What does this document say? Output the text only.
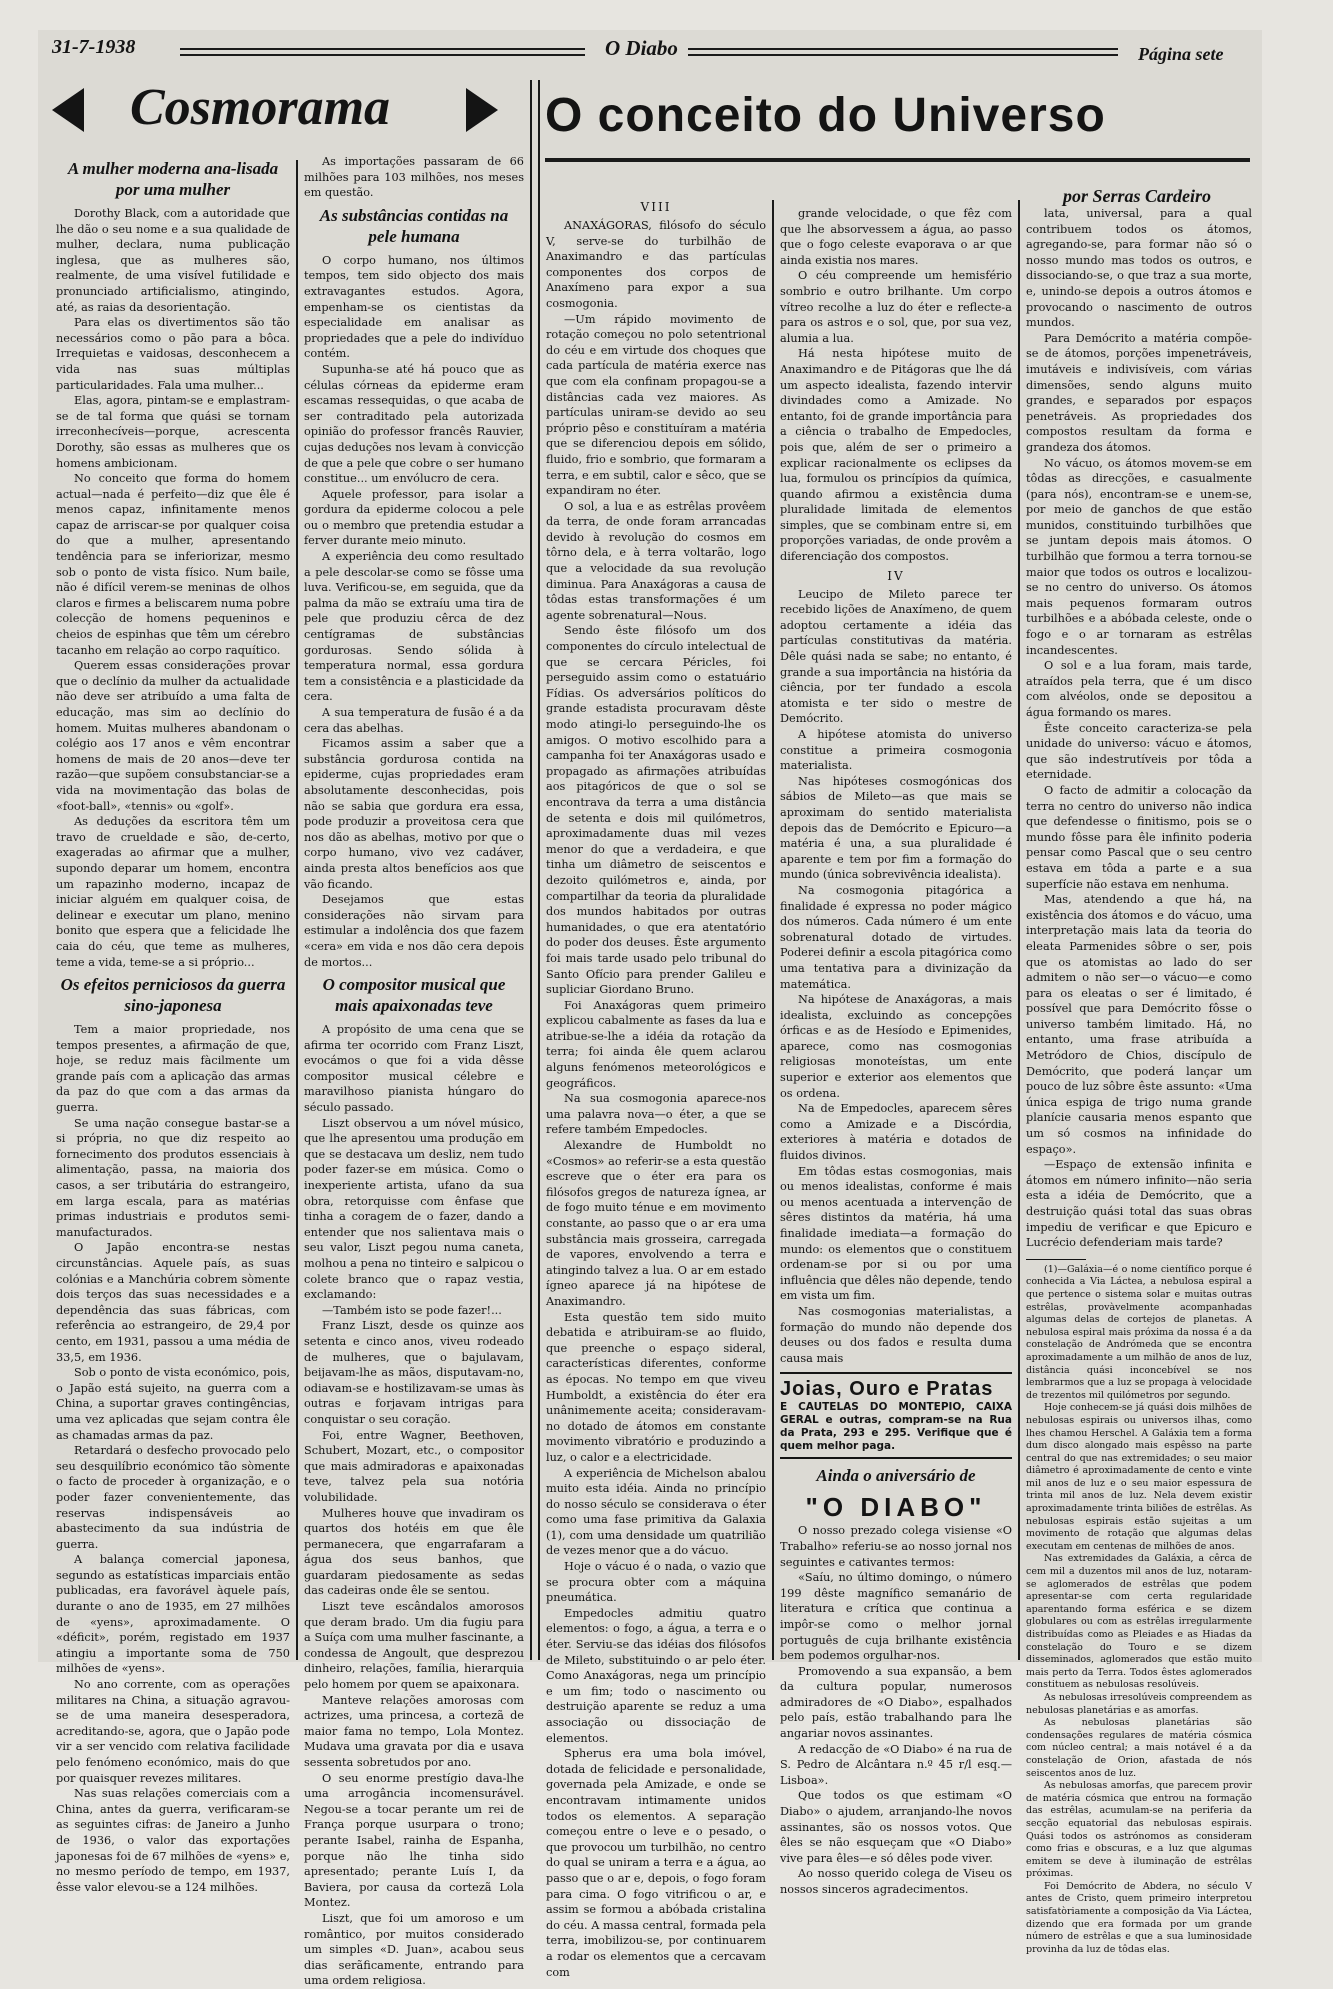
31-7-1938	O Diabo	Página sete
Cosmorama	O conceito do Universo
por Serras Cardeiro
A mulher moderna ana-lisada por uma mulher

Dorothy Black, com a autoridade que lhe dão o seu nome e a sua qualidade de mulher, declara, numa publicação inglesa, que as mulheres são, realmente, de uma visível futilidade e pronunciado artificialismo, atingindo, até, as raias da desorientação.

Para elas os divertimentos são tão necessários como o pão para a bôca. Irrequietas e vaidosas, desconhecem a vida nas suas múltiplas particularidades. Fala uma mulher...

Elas, agora, pintam-se e emplastram-se de tal forma que quási se tornam irreconhecíveis—porque, acrescenta Dorothy, são essas as mulheres que os homens ambicionam.

No conceito que forma do homem actual—nada é perfeito—diz que êle é menos capaz, infinitamente menos capaz de arriscar-se por qualquer coisa do que a mulher, apresentando tendência para se inferiorizar, mesmo sob o ponto de vista físico. Num baile, não é difícil verem-se meninas de olhos claros e firmes a beliscarem numa pobre colecção de homens pequeninos e cheios de espinhas que têm um cérebro tacanho em relação ao corpo raquítico.

Querem essas considerações provar que o declínio da mulher da actualidade não deve ser atribuído a uma falta de educação, mas sim ao declínio do homem. Muitas mulheres abandonam o colégio aos 17 anos e vêm encontrar homens de mais de 20 anos—deve ter razão—que supõem consubstanciar-se a vida na movimentação das bolas de «foot-ball», «tennis» ou «golf».

As deduções da escritora têm um travo de crueldade e são, de-certo, exageradas ao afirmar que a mulher, supondo deparar um homem, encontra um rapazinho moderno, incapaz de iniciar alguém em qualquer coisa, de delinear e executar um plano, menino bonito que espera que a felicidade lhe caia do céu, que teme as mulheres, teme a vida, teme-se a si próprio...

Os efeitos perniciosos da guerra sino-japonesa

Tem a maior propriedade, nos tempos presentes, a afirmação de que, hoje, se reduz mais fàcilmente um grande país com a aplicação das armas da paz do que com a das armas da guerra.

Se uma nação consegue bastar-se a si própria, no que diz respeito ao fornecimento dos produtos essenciais à alimentação, passa, na maioria dos casos, a ser tributária do estrangeiro, em larga escala, para as matérias primas industriais e produtos semi-manufacturados.

O Japão encontra-se nestas circunstâncias. Aquele país, as suas colónias e a Manchúria cobrem sòmente dois terços das suas necessidades e a dependência das suas fábricas, com referência ao estrangeiro, de 29,4 por cento, em 1931, passou a uma média de 33,5, em 1936.

Sob o ponto de vista económico, pois, o Japão está sujeito, na guerra com a China, a suportar graves contingências, uma vez aplicadas que sejam contra êle as chamadas armas da paz.

Retardará o desfecho provocado pelo seu desquilíbrio económico tão sòmente o facto de proceder à organização, e o poder fazer convenientemente, das reservas indispensáveis ao abastecimento da sua indústria de guerra.

A balança comercial japonesa, segundo as estatísticas imparciais então publicadas, era favorável àquele país, durante o ano de 1935, em 27 milhões de «yens», aproximadamente. O «déficit», porém, registado em 1937 atingiu a importante soma de 750 milhões de «yens».

No ano corrente, com as operações militares na China, a situação agravou-se de uma maneira desesperadora, acreditando-se, agora, que o Japão pode vir a ser vencido com relativa facilidade pelo fenómeno económico, mais do que por quaisquer revezes militares.

Nas suas relações comerciais com a China, antes da guerra, verificaram-se as seguintes cifras: de Janeiro a Junho de 1936, o valor das exportações japonesas foi de 67 milhões de «yens» e, no mesmo período de tempo, em 1937, êsse valor elevou-se a 124 milhões.

As importações passaram de 66 milhões para 103 milhões, nos meses em questão.

As substâncias contidas na pele humana

O corpo humano, nos últimos tempos, tem sido objecto dos mais extravagantes estudos. Agora, empenham-se os cientistas da especialidade em analisar as propriedades que a pele do indivíduo contém.

Supunha-se até há pouco que as células córneas da epiderme eram escamas ressequidas, o que acaba de ser contraditado pela autorizada opinião do professor francês Rauvier, cujas deduções nos levam à convicção de que a pele que cobre o ser humano constitue... um envólucro de cera.

Aquele professor, para isolar a gordura da epiderme colocou a pele ou o membro que pretendia estudar a ferver durante meio minuto.

A experiência deu como resultado a pele descolar-se como se fôsse uma luva. Verificou-se, em seguida, que da palma da mão se extraíu uma tira de pele que produziu cêrca de dez centígramas de substâncias gordurosas. Sendo sólida à temperatura normal, essa gordura tem a consistência e a plasticidade da cera.

A sua temperatura de fusão é a da cera das abelhas.

Ficamos assim a saber que a substância gordurosa contida na epiderme, cujas propriedades eram absolutamente desconhecidas, pois não se sabia que gordura era essa, pode produzir a proveitosa cera que nos dão as abelhas, motivo por que o corpo humano, vivo vez cadáver, ainda presta altos benefícios aos que vão ficando.

Desejamos que estas considerações não sirvam para estimular a indolência dos que fazem «cera» em vida e nos dão cera depois de mortos...

O compositor musical que mais apaixonadas teve

A propósito de uma cena que se afirma ter ocorrido com Franz Liszt, evocámos o que foi a vida dêsse compositor musical célebre e maravilhoso pianista húngaro do século passado.

Liszt observou a um nóvel músico, que lhe apresentou uma produção em que se destacava um desliz, nem tudo poder fazer-se em música. Como o inexperiente artista, ufano da sua obra, retorquisse com ênfase que tinha a coragem de o fazer, dando a entender que nos salientava mais o seu valor, Liszt pegou numa caneta, molhou a pena no tinteiro e salpicou o colete branco que o rapaz vestia, exclamando:

—Também isto se pode fazer!...

Franz Liszt, desde os quinze aos setenta e cinco anos, viveu rodeado de mulheres, que o bajulavam, beijavam-lhe as mãos, disputavam-no, odiavam-se e hostilizavam-se umas às outras e forjavam intrigas para conquistar o seu coração.

Foi, entre Wagner, Beethoven, Schubert, Mozart, etc., o compositor que mais admiradoras e apaixonadas teve, talvez pela sua notória volubilidade.

Mulheres houve que invadiram os quartos dos hotéis em que êle permanecera, que engarrafaram a água dos seus banhos, que guardaram piedosamente as sedas das cadeiras onde êle se sentou.

Liszt teve escândalos amorosos que deram brado. Um dia fugiu para a Suíça com uma mulher fascinante, a condessa de Angoult, que desprezou dinheiro, relações, família, hierarquia pelo homem por quem se apaixonara.

Manteve relações amorosas com actrizes, uma princesa, a cortezã de maior fama no tempo, Lola Montez. Mudava uma gravata por dia e usava sessenta sobretudos por ano.

O seu enorme prestígio dava-lhe uma arrogância incomensurável. Negou-se a tocar perante um rei de França porque usurpara o trono; perante Isabel, rainha de Espanha, porque não lhe tinha sido apresentado; perante Luís I, da Baviera, por causa da cortezã Lola Montez.

Liszt, que foi um amoroso e um romântico, por muitos considerado um simples «D. Juan», acabou seus dias serãficamente, entrando para uma ordem religiosa.

VIII

ANAXÁGORAS, filósofo do século V, serve-se do turbilhão de Anaximandro e das partículas componentes dos corpos de Anaxímeno para expor a sua cosmogonia.

—Um rápido movimento de rotação começou no polo setentrional do céu e em virtude dos choques que cada partícula de matéria exerce nas que com ela confinam propagou-se a distâncias cada vez maiores. As partículas uniram-se devido ao seu próprio pêso e constituíram a matéria que se diferenciou depois em sólido, fluido, frio e sombrio, que formaram a terra, e em subtil, calor e sêco, que se expandiram no éter.

O sol, a lua e as estrêlas provêem da terra, de onde foram arrancadas devido à revolução do cosmos em tôrno dela, e à terra voltarão, logo que a velocidade da sua revolução diminua. Para Anaxágoras a causa de tôdas estas transformações é um agente sobrenatural—Nous.

Sendo êste filósofo um dos componentes do círculo intelectual de que se cercara Péricles, foi perseguido assim como o estatuário Fídias. Os adversários políticos do grande estadista procuravam dêste modo atingi-lo perseguindo-lhe os amigos. O motivo escolhido para a campanha foi ter Anaxágoras usado e propagado as afirmações atribuídas aos pitagóricos de que o sol se encontrava da terra a uma distância de setenta e dois mil quilómetros, aproximadamente duas mil vezes menor do que a verdadeira, e que tinha um diâmetro de seiscentos e dezoito quilómetros e, ainda, por compartilhar da teoria da pluralidade dos mundos habitados por outras humanidades, o que era atentatório do poder dos deuses. Êste argumento foi mais tarde usado pelo tribunal do Santo Ofício para prender Galileu e supliciar Giordano Bruno.

Foi Anaxágoras quem primeiro explicou cabalmente as fases da lua e atribue-se-lhe a idéia da rotação da terra; foi ainda êle quem aclarou alguns fenómenos meteorológicos e geográficos.

Na sua cosmogonia aparece-nos uma palavra nova—o éter, a que se refere também Empedocles.

Alexandre de Humboldt no «Cosmos» ao referir-se a esta questão escreve que o éter era para os filósofos gregos de natureza ígnea, ar de fogo muito ténue e em movimento constante, ao passo que o ar era uma substância mais grosseira, carregada de vapores, envolvendo a terra e atingindo talvez a lua. O ar em estado ígneo aparece já na hipótese de Anaximandro.

Esta questão tem sido muito debatida e atribuiram-se ao fluido, que preenche o espaço sideral, características diferentes, conforme as épocas. No tempo em que viveu Humboldt, a existência do éter era unânimemente aceita; consideravam-no dotado de átomos em constante movimento vibratório e produzindo a luz, o calor e a electricidade.

A experiência de Michelson abalou muito esta idéia. Ainda no princípio do nosso século se considerava o éter como uma fase primitiva da Galaxia (1), com uma densidade um quatrilião de vezes menor que a do vácuo.

Hoje o vácuo é o nada, o vazio que se procura obter com a máquina pneumática.

Empedocles admitiu quatro elementos: o fogo, a água, a terra e o éter. Serviu-se das idéias dos filósofos de Mileto, substituindo o ar pelo éter. Como Anaxágoras, nega um princípio e um fim; todo o nascimento ou destruição aparente se reduz a uma associação ou dissociação de elementos.

Spherus era uma bola imóvel, dotada de felicidade e personalidade, governada pela Amizade, e onde se encontravam intimamente unidos todos os elementos. A separação começou entre o leve e o pesado, o que provocou um turbilhão, no centro do qual se uniram a terra e a água, ao passo que o ar e, depois, o fogo foram para cima. O fogo vitrificou o ar, e assim se formou a abóbada cristalina do céu. A massa central, formada pela terra, imobilizou-se, por continuarem a rodar os elementos que a cercavam com

grande velocidade, o que fêz com que lhe absorvessem a água, ao passo que o fogo celeste evaporava o ar que ainda existia nos mares.

O céu compreende um hemisfério sombrio e outro brilhante. Um corpo vítreo recolhe a luz do éter e reflecte-a para os astros e o sol, que, por sua vez, alumia a lua.

Há nesta hipótese muito de Anaximandro e de Pitágoras que lhe dá um aspecto idealista, fazendo intervir divindades como a Amizade. No entanto, foi de grande importância para a ciência o trabalho de Empedocles, pois que, além de ser o primeiro a explicar racionalmente os eclipses da lua, formulou os princípios da química, quando afirmou a existência duma pluralidade limitada de elementos simples, que se combinam entre si, em proporções variadas, de onde provêm a diferenciação dos compostos.

IV

Leucipo de Mileto parece ter recebido lições de Anaxímeno, de quem adoptou certamente a idéia das partículas constitutivas da matéria. Dêle quási nada se sabe; no entanto, é grande a sua importância na história da ciência, por ter fundado a escola atomista e ter sido o mestre de Demócrito.

A hipótese atomista do universo constitue a primeira cosmogonia materialista.

Nas hipóteses cosmogónicas dos sábios de Mileto—as que mais se aproximam do sentido materialista depois das de Demócrito e Epicuro—a matéria é una, a sua pluralidade é aparente e tem por fim a formação do mundo (única sobrevivência idealista).

Na cosmogonia pitagórica a finalidade é expressa no poder mágico dos números. Cada número é um ente sobrenatural dotado de virtudes. Poderei definir a escola pitagórica como uma tentativa para a divinização da matemática.

Na hipótese de Anaxágoras, a mais idealista, excluindo as concepções órficas e as de Hesíodo e Epimenides, aparece, como nas cosmogonias religiosas monoteístas, um ente superior e exterior aos elementos que os ordena.

Na de Empedocles, aparecem sêres como a Amizade e a Discórdia, exteriores à matéria e dotados de fluidos divinos.

Em tôdas estas cosmogonias, mais ou menos idealistas, conforme é mais ou menos acentuada a intervenção de sêres distintos da matéria, há uma finalidade imediata—a formação do mundo: os elementos que o constituem ordenam-se por si ou por uma influência que dêles não depende, tendo em vista um fim.

Nas cosmogonias materialistas, a formação do mundo não depende dos deuses ou dos fados e resulta duma causa mais

Joias, Ouro e Pratas
E CAUTELAS DO MONTEPIO, CAIXA GERAL e outras, compram-se na Rua da Prata, 293 e 295. Verifique que é quem melhor paga.
Ainda o aniversário de
"O DIABO"

O nosso prezado colega visiense «O Trabalho» referiu-se ao nosso jornal nos seguintes e cativantes termos:

«Saíu, no último domingo, o número 199 dêste magnífico semanário de literatura e crítica que continua a impôr-se como o melhor jornal português de cuja brilhante existência bem podemos orgulhar-nos.

Promovendo a sua expansão, a bem da cultura popular, numerosos admiradores de «O Diabo», espalhados pelo país, estão trabalhando para lhe angariar novos assinantes.

A redacção de «O Diabo» é na rua de S. Pedro de Alcântara n.º 45 r/l esq.—Lisboa».

Que todos os que estimam «O Diabo» o ajudem, arranjando-lhe novos assinantes, são os nossos votos. Que êles se não esqueçam que «O Diabo» vive para êles—e só dêles pode viver.

Ao nosso querido colega de Viseu os nossos sinceros agradecimentos.

lata, universal, para a qual contribuem todos os átomos, agregando-se, para formar não só o nosso mundo mas todos os outros, e dissociando-se, o que traz a sua morte, e, unindo-se depois a outros átomos e provocando o nascimento de outros mundos.

Para Demócrito a matéria compõe-se de átomos, porções impenetráveis, imutáveis e indivisíveis, com várias dimensões, sendo alguns muito grandes, e separados por espaços penetráveis. As propriedades dos compostos resultam da forma e grandeza dos átomos.

No vácuo, os átomos movem-se em tôdas as direcções, e casualmente (para nós), encontram-se e unem-se, por meio de ganchos de que estão munidos, constituindo turbilhões que se juntam depois mais átomos. O turbilhão que formou a terra tornou-se maior que todos os outros e localizou-se no centro do universo. Os átomos mais pequenos formaram outros turbilhões e a abóbada celeste, onde o fogo e o ar tornaram as estrêlas incandescentes.

O sol e a lua foram, mais tarde, atraídos pela terra, que é um disco com alvéolos, onde se depositou a água formando os mares.

Êste conceito caracteriza-se pela unidade do universo: vácuo e átomos, que são indestrutíveis por tôda a eternidade.

O facto de admitir a colocação da terra no centro do universo não indica que defendesse o finitismo, pois se o mundo fôsse para êle infinito poderia pensar como Pascal que o seu centro estava em tôda a parte e a sua superfície não estava em nenhuma.

Mas, atendendo a que há, na existência dos átomos e do vácuo, uma interpretação mais lata da teoria do eleata Parmenides sôbre o ser, pois que os atomistas ao lado do ser admitem o não ser—o vácuo—e como para os eleatas o ser é limitado, é possível que para Demócrito fôsse o universo também limitado. Há, no entanto, uma frase atribuída a Metródoro de Chios, discípulo de Demócrito, que poderá lançar um pouco de luz sôbre êste assunto: «Uma única espiga de trigo numa grande planície causaria menos espanto que um só cosmos na infinidade do espaço».

—Espaço de extensão infinita e átomos em número infinito—não seria esta a idéia de Demócrito, que a destruição quási total das suas obras impediu de verificar e que Epicuro e Lucrécio defenderiam mais tarde?

(1)—Galáxia—é o nome científico porque é conhecida a Via Láctea, a nebulosa espiral a que pertence o sistema solar e muitas outras estrêlas, provàvelmente acompanhadas algumas delas de cortejos de planetas. A nebulosa espiral mais próxima da nossa é a da constelação de Andrómeda que se encontra aproximadamente a um milhão de anos de luz, distância quási inconcebível se nos lembrarmos que a luz se propaga à velocidade de trezentos mil quilómetros por segundo.

Hoje conhecem-se já quási dois milhões de nebulosas espirais ou universos ilhas, como lhes chamou Herschel. A Galáxia tem a forma dum disco alongado mais espêsso na parte central do que nas extremidades; o seu maior diâmetro é aproximadamente de cento e vinte mil anos de luz e o seu maior espessura de trinta mil anos de luz. Nela devem existir aproximadamente trinta biliões de estrêlas. As nebulosas espirais estão sujeitas a um movimento de rotação que algumas delas executam em centenas de milhões de anos.

Nas extremidades da Galáxia, a cêrca de cem mil a duzentos mil anos de luz, notaram-se aglomerados de estrêlas que podem apresentar-se com certa regularidade aparentando forma esférica e se dizem globulares ou com as estrêlas irregularmente distribuídas como as Pleiades e as Hiadas da constelação do Touro e se dizem disseminados, aglomerados que estão muito mais perto da Terra. Todos êstes aglomerados constituem as nebulosas resolúveis.

As nebulosas irresolúveis compreendem as nebulosas planetárias e as amorfas.

As nebulosas planetárias são condensações regulares de matéria cósmica com núcleo central; a mais notável é a da constelação de Orion, afastada de nós seiscentos anos de luz.

As nebulosas amorfas, que parecem provir de matéria cósmica que entrou na formação das estrêlas, acumulam-se na periferia da secção equatorial das nebulosas espirais. Quási todos os astrónomos as consideram como frias e obscuras, e a luz que algumas emitem se deve à iluminação de estrêlas próximas.

Foi Demócrito de Abdera, no século V antes de Cristo, quem primeiro interpretou satisfatòriamente a composição da Via Láctea, dizendo que era formada por um grande número de estrêlas e que a sua luminosidade provinha da luz de tôdas elas.
